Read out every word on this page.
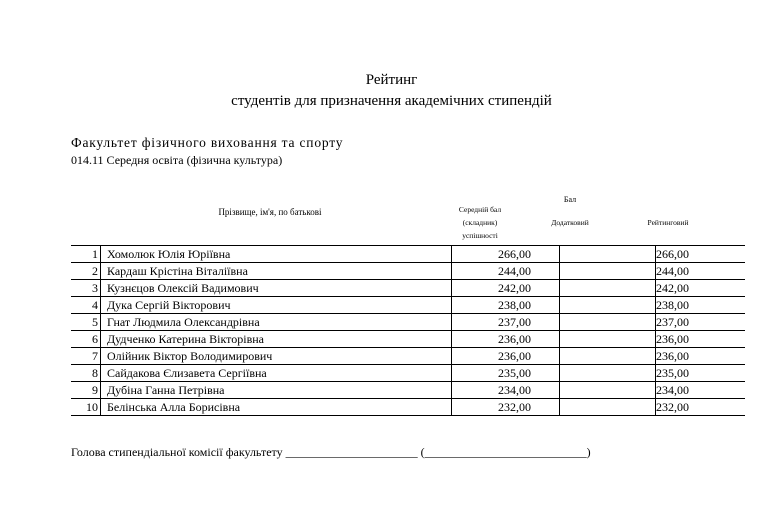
Рейтинг
студентів для призначення академічних стипендій
Факультет фізичного виховання та спорту
014.11 Середня освіта (фізична культура)
Прізвище, ім'я, по батькові
Бал
Середній бал
(складник)
успішності
Додатковий	Рейтинговий
1	Хомолюк Юлія Юріївна	266,00		266,00
2	Кардаш Крістіна Віталіївна	244,00		244,00
3	Кузнєцов Олексій Вадимович	242,00		242,00
4	Дука Сергій Вікторович	238,00		238,00
5	Гнат Людмила Олександрівна	237,00		237,00
6	Дудченко Катерина Вікторівна	236,00		236,00
7	Олійник Віктор Володимирович	236,00		236,00
8	Сайдакова Єлизавета Сергіївна	235,00		235,00
9	Дубіна Ганна Петрівна	234,00		234,00
10	Белінська Алла Борисівна	232,00		232,00
Голова стипендіальної комісії факультету ______________________ (___________________________)
